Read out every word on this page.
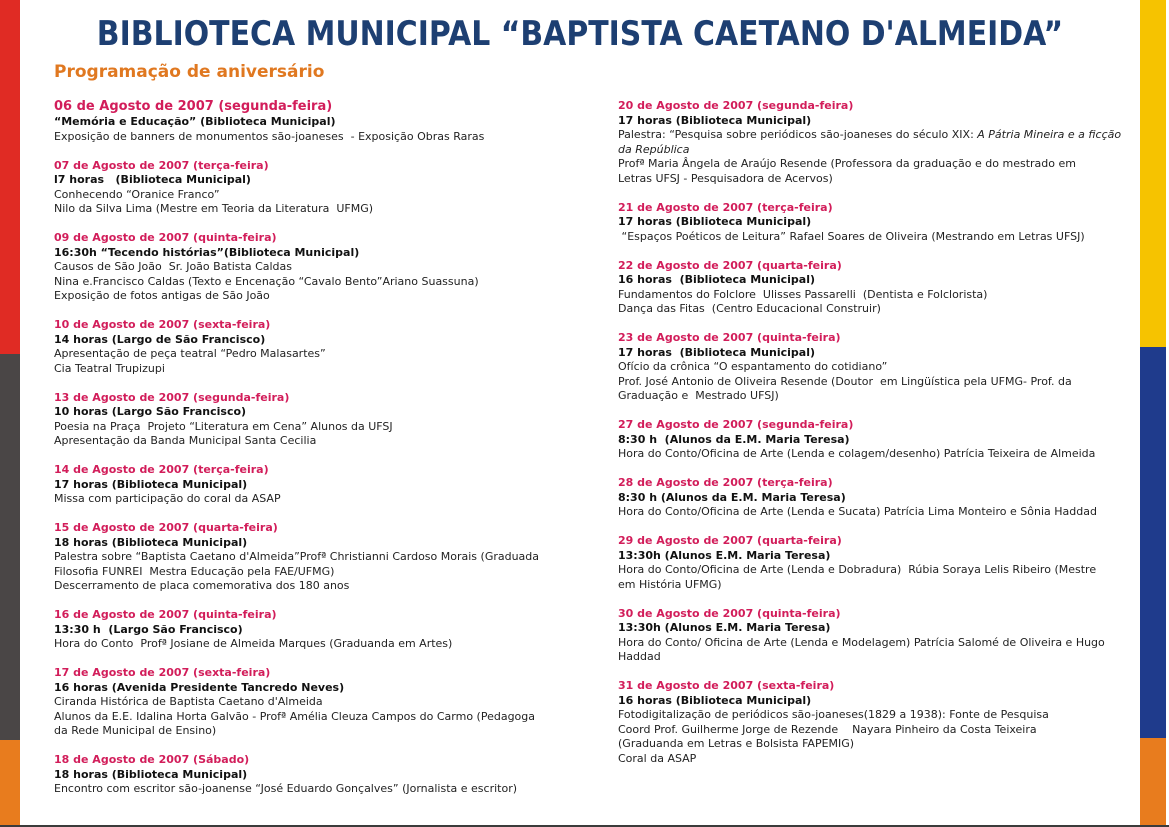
BIBLIOTECA MUNICIPAL “BAPTISTA CAETANO D'ALMEIDA”
Programação de aniversário
06 de Agosto de 2007 (segunda-feira)
“Memória e Educação” (Biblioteca Municipal)
Exposição de banners de monumentos são-joaneses  - Exposição Obras Raras
07 de Agosto de 2007 (terça-feira)
l7 horas   (Biblioteca Municipal)
Conhecendo “Oranice Franco”
Nilo da Silva Lima (Mestre em Teoria da Literatura  UFMG)
09 de Agosto de 2007 (quinta-feira)
16:30h “Tecendo histórias”(Biblioteca Municipal)
Causos de São João  Sr. João Batista Caldas
Nina e.Francisco Caldas (Texto e Encenação “Cavalo Bento”Ariano Suassuna)
Exposição de fotos antigas de São João
10 de Agosto de 2007 (sexta-feira)
14 horas (Largo de São Francisco)
Apresentação de peça teatral “Pedro Malasartes”
Cia Teatral Trupizupi
13 de Agosto de 2007 (segunda-feira)
10 horas (Largo São Francisco)
Poesia na Praça  Projeto “Literatura em Cena” Alunos da UFSJ
Apresentação da Banda Municipal Santa Cecilia
14 de Agosto de 2007 (terça-feira)
17 horas (Biblioteca Municipal)
Missa com participação do coral da ASAP
15 de Agosto de 2007 (quarta-feira)
18 horas (Biblioteca Municipal)
Palestra sobre “Baptista Caetano d'Almeida”Profª Christianni Cardoso Morais (Graduada
Filosofia FUNREI  Mestra Educação pela FAE/UFMG)
Descerramento de placa comemorativa dos 180 anos
16 de Agosto de 2007 (quinta-feira)
13:30 h  (Largo São Francisco)
Hora do Conto  Profª Josiane de Almeida Marques (Graduanda em Artes)
17 de Agosto de 2007 (sexta-feira)
16 horas (Avenida Presidente Tancredo Neves)
Ciranda Histórica de Baptista Caetano d'Almeida
Alunos da E.E. Idalina Horta Galvão - Profª Amélia Cleuza Campos do Carmo (Pedagoga
da Rede Municipal de Ensino)
18 de Agosto de 2007 (Sábado)
18 horas (Biblioteca Municipal)
Encontro com escritor são-joanense “José Eduardo Gonçalves” (Jornalista e escritor)
20 de Agosto de 2007 (segunda-feira)
17 horas (Biblioteca Municipal)
Palestra: “Pesquisa sobre periódicos são-joaneses do século XIX: A Pátria Mineira e a ficção da República
Profª Maria Ângela de Araújo Resende (Professora da graduação e do mestrado em
Letras UFSJ - Pesquisadora de Acervos)
21 de Agosto de 2007 (terça-feira)
17 horas (Biblioteca Municipal)
“Espaços Poéticos de Leitura” Rafael Soares de Oliveira (Mestrando em Letras UFSJ)
22 de Agosto de 2007 (quarta-feira)
16 horas  (Biblioteca Municipal)
Fundamentos do Folclore  Ulisses Passarelli  (Dentista e Folclorista)
Dança das Fitas  (Centro Educacional Construir)
23 de Agosto de 2007 (quinta-feira)
17 horas  (Biblioteca Municipal)
Ofício da crônica “O espantamento do cotidiano”
Prof. José Antonio de Oliveira Resende (Doutor  em Lingüística pela UFMG- Prof. da
Graduação e  Mestrado UFSJ)
27 de Agosto de 2007 (segunda-feira)
8:30 h  (Alunos da E.M. Maria Teresa)
Hora do Conto/Oficina de Arte (Lenda e colagem/desenho) Patrícia Teixeira de Almeida
28 de Agosto de 2007 (terça-feira)
8:30 h (Alunos da E.M. Maria Teresa)
Hora do Conto/Oficina de Arte (Lenda e Sucata) Patrícia Lima Monteiro e Sônia Haddad
29 de Agosto de 2007 (quarta-feira)
13:30h (Alunos E.M. Maria Teresa)
Hora do Conto/Oficina de Arte (Lenda e Dobradura)  Rúbia Soraya Lelis Ribeiro (Mestre
em História UFMG)
30 de Agosto de 2007 (quinta-feira)
13:30h (Alunos E.M. Maria Teresa)
Hora do Conto/ Oficina de Arte (Lenda e Modelagem) Patrícia Salomé de Oliveira e Hugo
Haddad
31 de Agosto de 2007 (sexta-feira)
16 horas (Biblioteca Municipal)
Fotodigitalização de periódicos são-joaneses(1829 a 1938): Fonte de Pesquisa
Coord Prof. Guilherme Jorge de Rezende    Nayara Pinheiro da Costa Teixeira
(Graduanda em Letras e Bolsista FAPEMIG)
Coral da ASAP
